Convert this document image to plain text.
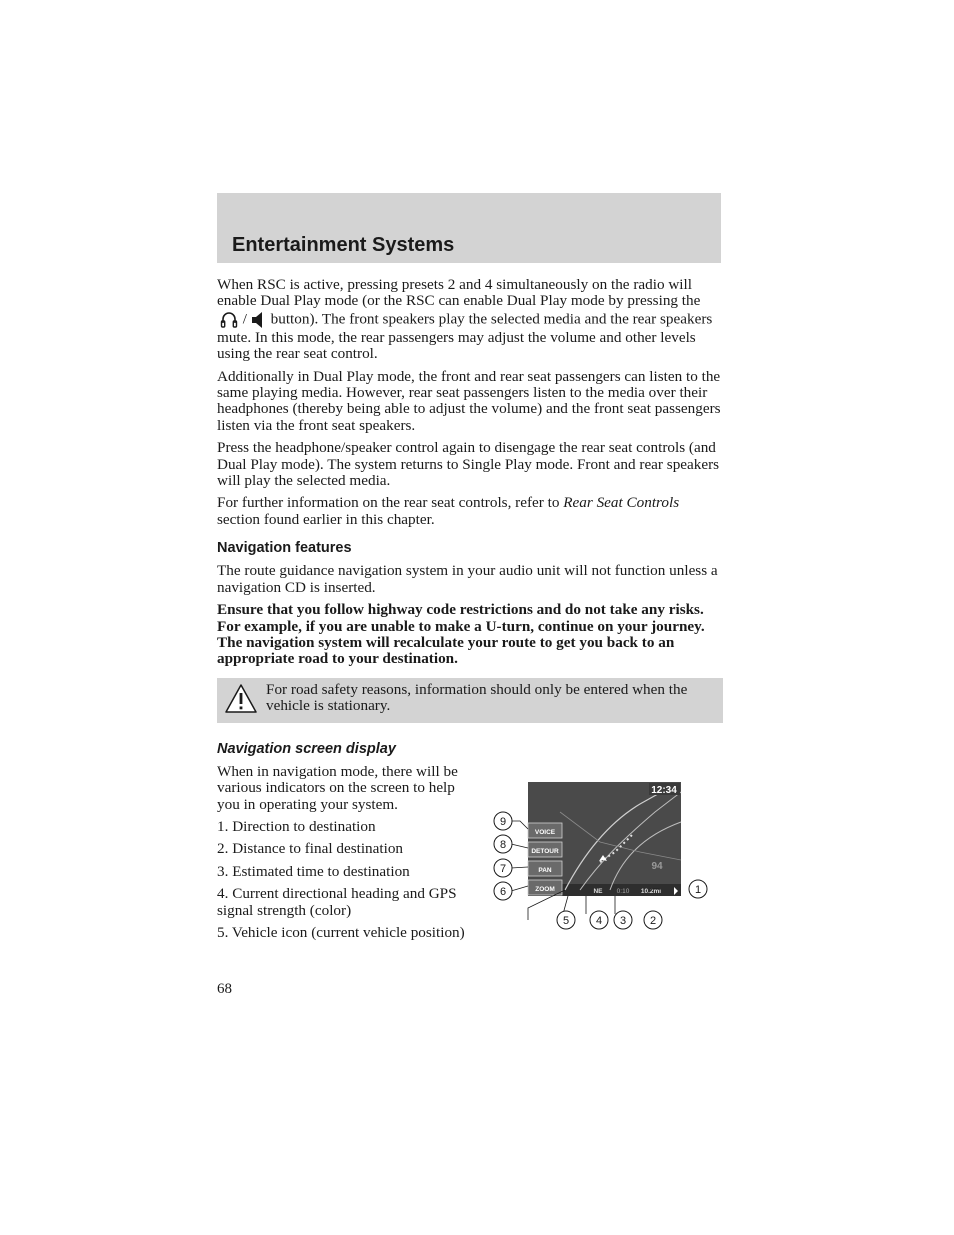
Entertainment Systems

When RSC is active, pressing presets 2 and 4 simultaneously on the radio will enable Dual Play mode (or the RSC can enable Dual Play mode by pressing the  / button). The front speakers play the selected media and the rear speakers mute. In this mode, the rear passengers may adjust the volume and other levels using the rear seat control.

Additionally in Dual Play mode, the front and rear seat passengers can listen to the same playing media. However, rear seat passengers listen to the media over their headphones (thereby being able to adjust the volume) and the front seat passengers listen via the front seat speakers.

Press the headphone/speaker control again to disengage the rear seat controls (and Dual Play mode). The system returns to Single Play mode. Front and rear speakers will play the selected media.

For further information on the rear seat controls, refer to Rear Seat Controls section found earlier in this chapter.

Navigation features

The route guidance navigation system in your audio unit will not function unless a navigation CD is inserted.

Ensure that you follow highway code restrictions and do not take any risks. For example, if you are unable to make a U-turn, continue on your journey. The navigation system will recalculate your route to get you back to an appropriate road to your destination.

For road safety reasons, information should only be entered when the vehicle is stationary.
Navigation screen display

When in navigation mode, there will be various indicators on the screen to help you in operating your system.

1. Direction to destination
2. Distance to final destination
3. Estimated time to destination
4. Current directional heading and GPS signal strength (color)
5. Vehicle icon (current vehicle position)
12:34
VOICE
DETOUR
PAN
ZOOM
94
NE 0:10 10.2mi
9
8
7
6
5 4 3 2
1
68
